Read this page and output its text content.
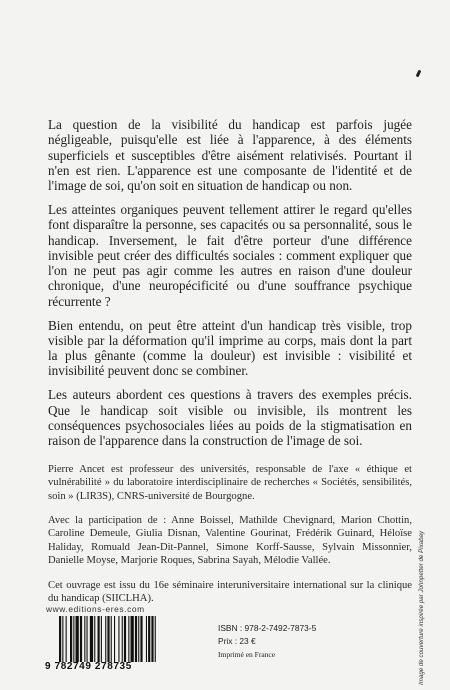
La question de la visibilité du handicap est parfois jugée négligeable, puisqu'elle est liée à l'apparence, à des éléments superficiels et susceptibles d'être aisément relativisés. Pourtant il n'en est rien. L'apparence est une composante de l'identité et de l'image de soi, qu'on soit en situation de handicap ou non.

Les atteintes organiques peuvent tellement attirer le regard qu'elles font disparaître la personne, ses capacités ou sa personnalité, sous le handicap. Inversement, le fait d'être porteur d'une différence invisible peut créer des difficultés sociales : comment expliquer que l'on ne peut pas agir comme les autres en raison d'une douleur chronique, d'une neuropécificité ou d'une souffrance psychique récurrente ?

Bien entendu, on peut être atteint d'un handicap très visible, trop visible par la déformation qu'il imprime au corps, mais dont la part la plus gênante (comme la douleur) est invisible : visibilité et invisibilité peuvent donc se combiner.

Les auteurs abordent ces questions à travers des exemples précis. Que le handicap soit visible ou invisible, ils montrent les conséquences psychosociales liées au poids de la stigmatisation en raison de l'apparence dans la construction de l'image de soi.

Pierre Ancet est professeur des universités, responsable de l'axe « éthique et vulnérabilité » du laboratoire interdisciplinaire de recherches « Sociétés, sensibilités, soin » (LIR3S), CNRS-université de Bourgogne.

Avec la participation de : Anne Boissel, Mathilde Chevignard, Marion Chottin, Caroline Demeule, Giulia Disnan, Valentine Gourinat, Frédérik Guinard, Héloïse Haliday, Romuald Jean-Dit-Pannel, Simone Korff-Sausse, Sylvain Missonnier, Danielle Moyse, Marjorie Roques, Sabrina Sayah, Mélodie Vallée.

Cet ouvrage est issu du 16e séminaire interuniversitaire international sur la clinique du handicap (SIICLHA).

www.editions-eres.com
9 782749 278735
ISBN : 978-2-7492-7873-5
Prix : 23 €
Imprimé en France	Image de couverture inspirée par Johnpetter de Pixabay
